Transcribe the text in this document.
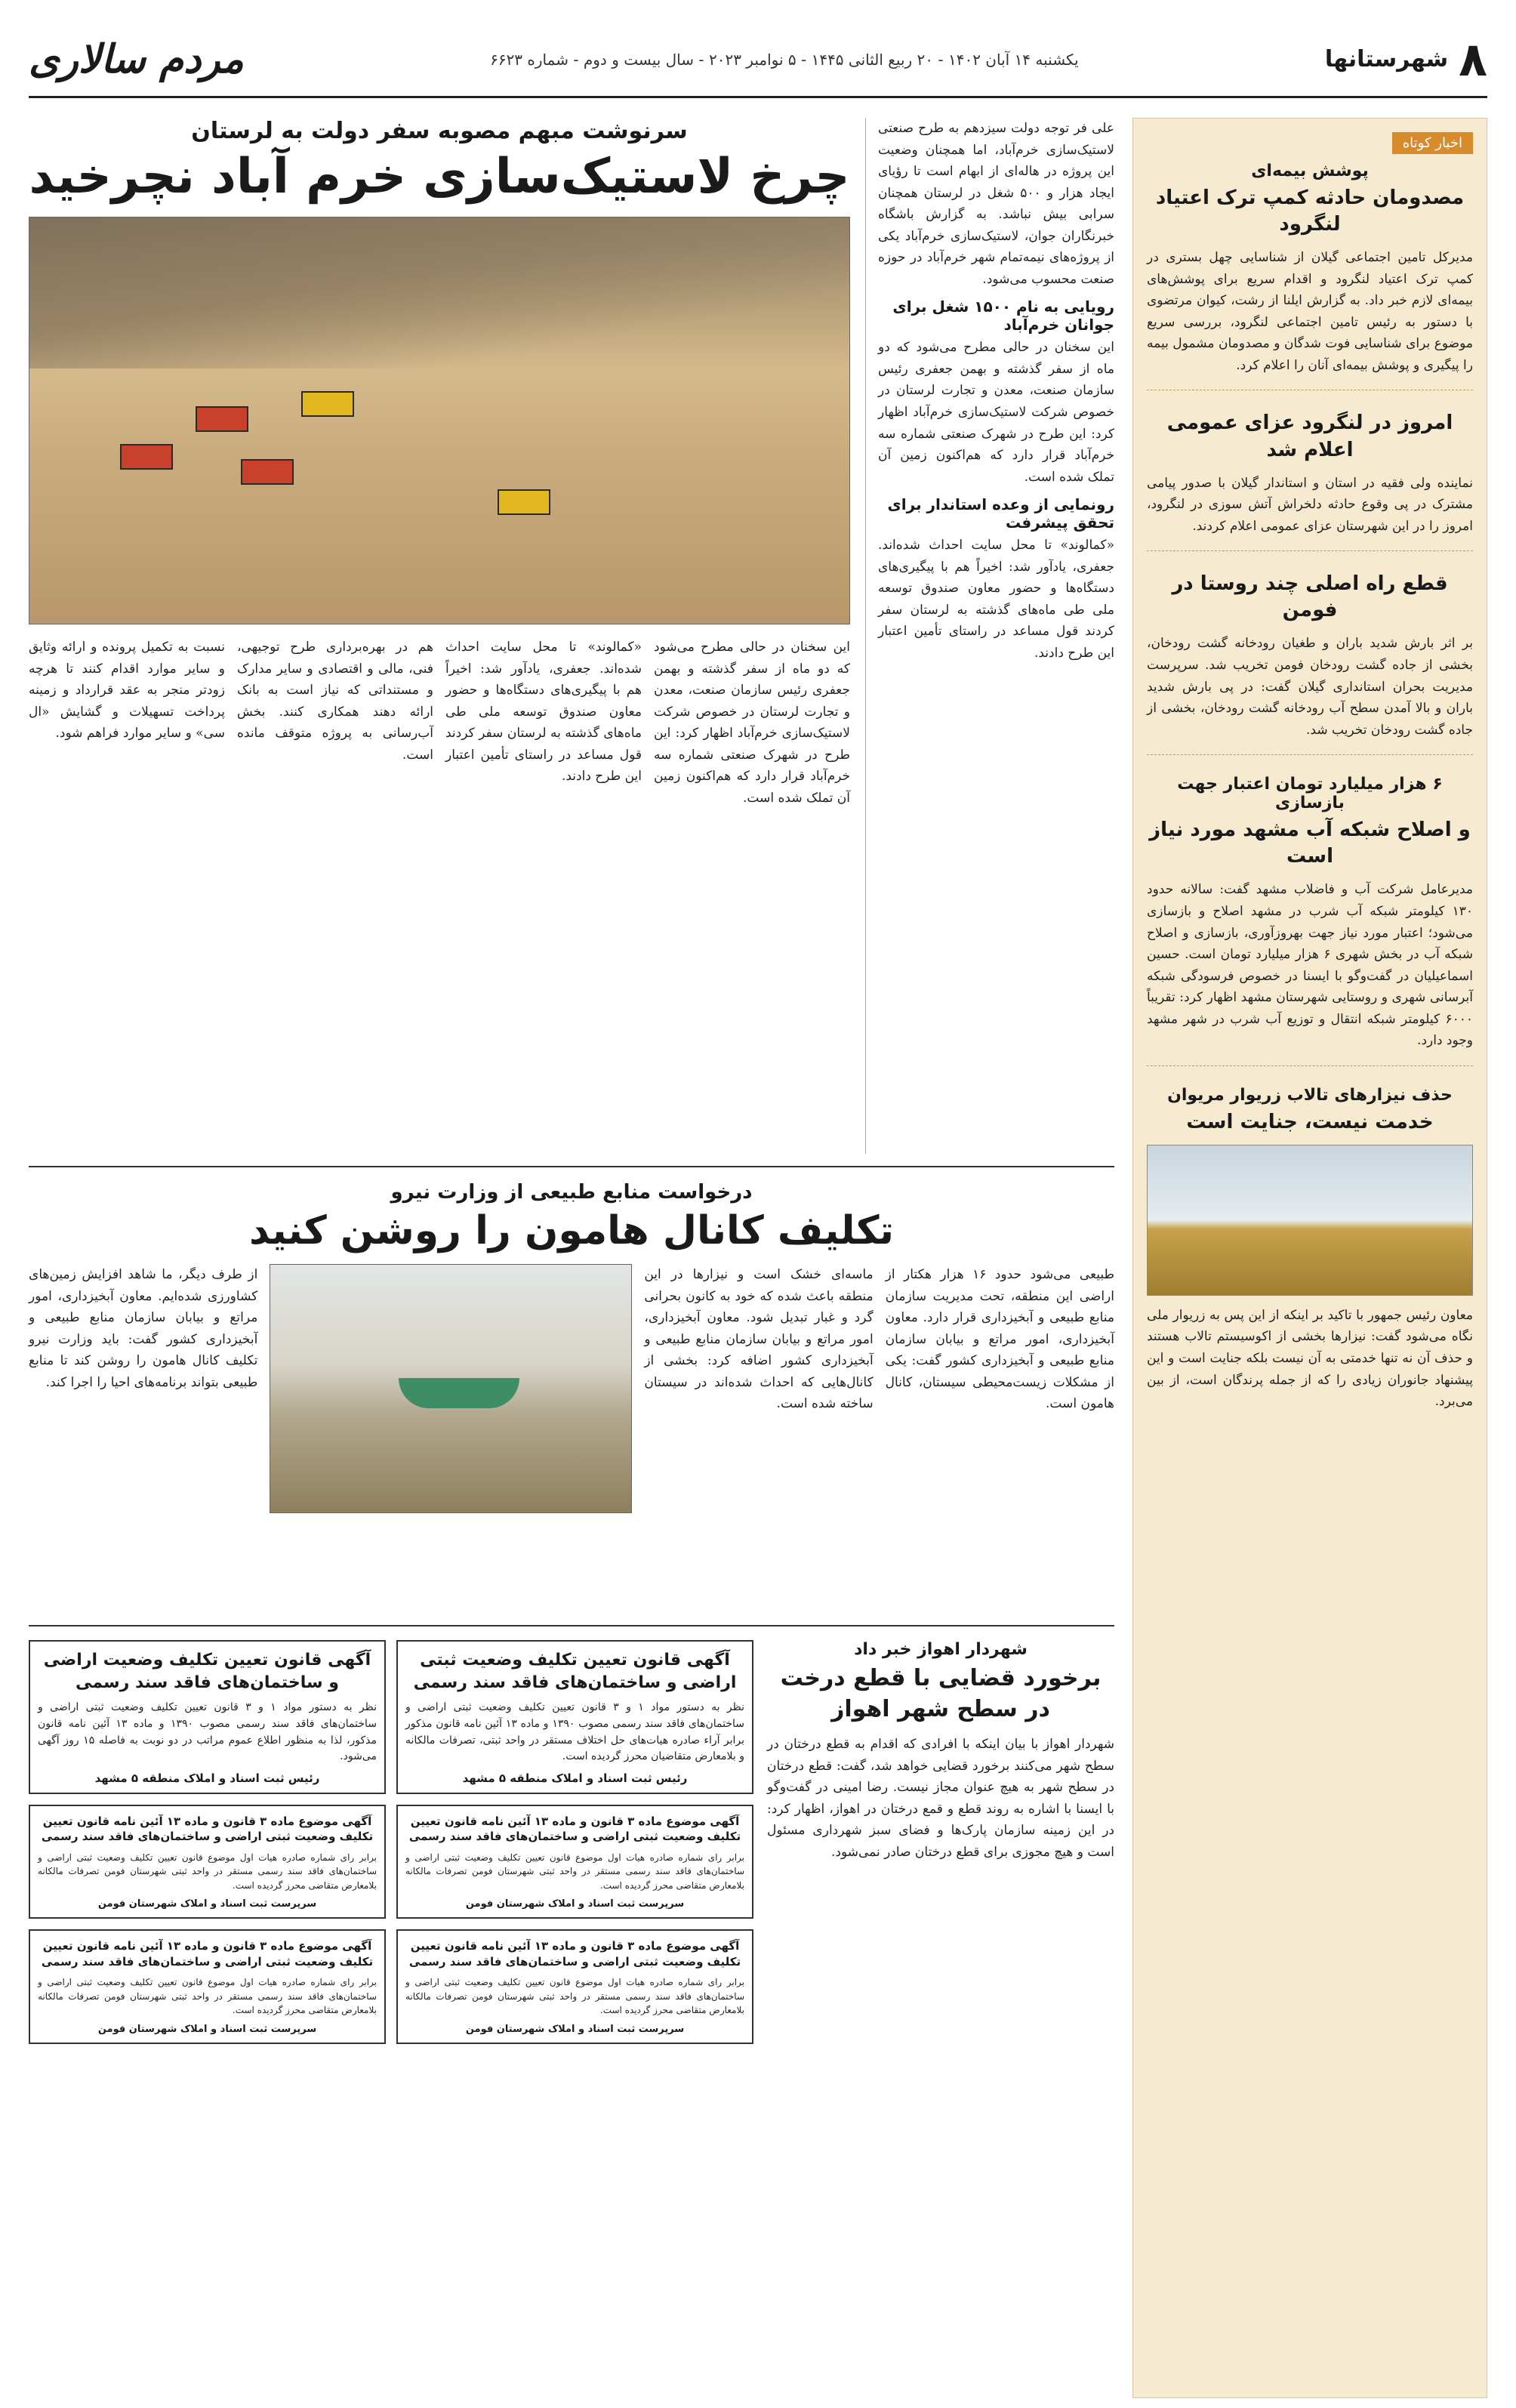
۸
شهرستانها
یکشنبه ۱۴ آبان ۱۴۰۲ - ۲۰ ربیع الثانی ۱۴۴۵ - ۵ نوامبر ۲۰۲۳ - سال بیست و دوم - شماره ۶۶۲۳
مردم سالاری
اخبار کوتاه
پوشش بیمه‌ای
مصدومان حادثه کمپ ترک اعتیاد لنگرود

مدیرکل تامین اجتماعی گیلان از شناسایی چهل بستری در کمپ ترک اعتیاد لنگرود و اقدام سریع برای پوشش‌های بیمه‌ای لازم خبر داد. به گزارش ایلنا از رشت، کیوان مرتضوی با دستور به رئیس تامین اجتماعی لنگرود، بررسی سریع موضوع برای شناسایی فوت شدگان و مصدومان مشمول بیمه را پیگیری و پوشش بیمه‌ای آنان را اعلام کرد.

امروز در لنگرود عزای عمومی اعلام شد

نماینده ولی فقیه در استان و استاندار گیلان با صدور پیامی مشترک در پی وقوع حادثه دلخراش آتش سوزی در لنگرود، امروز را در این شهرستان عزای عمومی اعلام کردند.

قطع راه اصلی چند روستا در فومن

بر اثر بارش شدید باران و طغیان رودخانه گشت رودخان، بخشی از جاده گشت رودخان فومن تخریب شد. سرپرست مدیریت بحران استانداری گیلان گفت: در پی بارش شدید باران و بالا آمدن سطح آب رودخانه گشت رودخان، بخشی از جاده گشت رودخان تخریب شد.

۶ هزار میلیارد تومان اعتبار جهت بازسازی
و اصلاح شبکه آب مشهد مورد نیاز است

مدیرعامل شرکت آب و فاضلاب مشهد گفت: سالانه حدود ۱۳۰ کیلومتر شبکه آب شرب در مشهد اصلاح و بازسازی می‌شود؛ اعتبار مورد نیاز جهت بهروزآوری، بازسازی و اصلاح شبکه آب در بخش شهری ۶ هزار میلیارد تومان است. حسین اسماعیلیان در گفت‌وگو با ایسنا در خصوص فرسودگی شبکه آبرسانی شهری و روستایی شهرستان مشهد اظهار کرد: تقریباً ۶۰۰۰ کیلومتر شبکه انتقال و توزیع آب شرب در شهر مشهد وجود دارد.

حذف نیزارهای تالاب زریوار مریوان
خدمت نیست، جنایت است

معاون رئیس جمهور با تاکید بر اینکه از این پس به زریوار ملی نگاه می‌شود گفت: نیزارها بخشی از اکوسیستم تالاب هستند و حذف آن نه تنها خدمتی به آن نیست بلکه جنایت است و این پیشنهاد جانوران زیادی را که از جمله پرندگان است، از بین می‌برد.

علی فر توجه دولت سیزدهم به طرح صنعتی لاستیک‌سازی خرم‌آباد، اما همچنان وضعیت این پروژه در هاله‌ای از ابهام است تا رؤیای ایجاد هزار و ۵۰۰ شغل در لرستان همچنان سرابی بیش نباشد. به گزارش باشگاه خبرنگاران جوان، لاستیک‌سازی خرم‌آباد یکی از پروژه‌های نیمه‌تمام شهر خرم‌آباد در حوزه صنعت محسوب می‌شود.

رویایی به نام ۱۵۰۰ شغل برای جوانان خرم‌آباد

این سخنان در حالی مطرح می‌شود که دو ماه از سفر گذشته و بهمن جعفری رئیس سازمان صنعت، معدن و تجارت لرستان در خصوص شرکت لاستیک‌سازی خرم‌آباد اظهار کرد: این طرح در شهرک صنعتی شماره سه خرم‌آباد قرار دارد که هم‌اکنون زمین آن تملک شده است.

رونمایی از وعده استاندار برای تحقق پیشرفت

«کمالوند» تا محل سایت احداث شده‌اند. جعفری، یادآور شد: اخیراً هم با پیگیری‌های دستگاه‌ها و حضور معاون صندوق توسعه ملی طی ماه‌های گذشته به لرستان سفر کردند قول مساعد در راستای تأمین اعتبار این طرح دادند.

سرنوشت مبهم مصوبه سفر دولت به لرستان
چرخ لاستیک‌سازی خرم آباد نچرخید

این سخنان در حالی مطرح می‌شود که دو ماه از سفر گذشته و بهمن جعفری رئیس سازمان صنعت، معدن و تجارت لرستان در خصوص شرکت لاستیک‌سازی خرم‌آباد اظهار کرد: این طرح در شهرک صنعتی شماره سه خرم‌آباد قرار دارد که هم‌اکنون زمین آن تملک شده است.

«کمالوند» تا محل سایت احداث شده‌اند. جعفری، یادآور شد: اخیراً هم با پیگیری‌های دستگاه‌ها و حضور معاون صندوق توسعه ملی طی ماه‌های گذشته به لرستان سفر کردند قول مساعد در راستای تأمین اعتبار این طرح دادند.

هم در بهره‌برداری طرح توجیهی، فنی، مالی و اقتصادی و سایر مدارک و مستنداتی که نیاز است به بانک ارائه دهند همکاری کنند. بخش آب‌رسانی به پروژه متوقف مانده است.

نسبت به تکمیل پرونده و ارائه وثایق و سایر موارد اقدام کنند تا هرچه زودتر منجر به عقد قرارداد و زمینه پرداخت تسهیلات و گشایش «ال سی» و سایر موارد فراهم شود.

درخواست منابع طبیعی از وزارت نیرو
تکلیف کانال هامون را روشن کنید

طبیعی می‌شود حدود ۱۶ هزار هکتار از اراضی این منطقه، تحت مدیریت سازمان منابع طبیعی و آبخیزداری قرار دارد. معاون آبخیزداری، امور مراتع و بیابان سازمان منابع طبیعی و آبخیزداری کشور گفت: یکی از مشکلات زیست‌محیطی سیستان، کانال هامون است.

ماسه‌ای خشک است و نیزارها در این منطقه باعث شده که خود به کانون بحرانی گرد و غبار تبدیل شود. معاون آبخیزداری، امور مراتع و بیابان سازمان منابع طبیعی و آبخیزداری کشور اضافه کرد: بخشی از کانال‌هایی که احداث شده‌اند در سیستان ساخته شده است.

از طرف دیگر، ما شاهد افزایش زمین‌های کشاورزی شده‌ایم. معاون آبخیزداری، امور مراتع و بیابان سازمان منابع طبیعی و آبخیزداری کشور گفت: باید وزارت نیرو تکلیف کانال هامون را روشن کند تا منابع طبیعی بتواند برنامه‌های احیا را اجرا کند.

شهردار اهواز خبر داد
برخورد قضایی با قطع درخت در سطح شهر اهواز

شهردار اهواز با بیان اینکه با افرادی که اقدام به قطع درختان در سطح شهر می‌کنند برخورد قضایی خواهد شد، گفت: قطع درختان در سطح شهر به هیچ عنوان مجاز نیست. رضا امینی در گفت‌وگو با ایسنا با اشاره به روند قطع و قمع درختان در اهواز، اظهار کرد: در این زمینه سازمان پارک‌ها و فضای سبز شهرداری مسئول است و هیچ مجوزی برای قطع درختان صادر نمی‌شود.

آگهی قانون تعیین تکلیف وضعیت ثبتی اراضی و ساختمان‌های فاقد سند رسمی

نظر به دستور مواد ۱ و ۳ قانون تعیین تکلیف وضعیت ثبتی اراضی و ساختمان‌های فاقد سند رسمی مصوب ۱۳۹۰ و ماده ۱۳ آئین نامه قانون مذکور برابر آراء صادره هیات‌های حل اختلاف مستقر در واحد ثبتی، تصرفات مالکانه و بلامعارض متقاضیان محرز گردیده است.

رئیس ثبت اسناد و املاک منطقه ۵ مشهد
آگهی قانون تعیین تکلیف وضعیت اراضی و ساختمان‌های فاقد سند رسمی

نظر به دستور مواد ۱ و ۳ قانون تعیین تکلیف وضعیت ثبتی اراضی و ساختمان‌های فاقد سند رسمی مصوب ۱۳۹۰ و ماده ۱۳ آئین نامه قانون مذکور، لذا به منظور اطلاع عموم مراتب در دو نوبت به فاصله ۱۵ روز آگهی می‌شود.

رئیس ثبت اسناد و املاک منطقه ۵ مشهد
آگهی موضوع ماده ۳ قانون و ماده ۱۳ آئین نامه قانون تعیین تکلیف وضعیت ثبتی اراضی و ساختمان‌های فاقد سند رسمی

برابر رای شماره صادره هیات اول موضوع قانون تعیین تکلیف وضعیت ثبتی اراضی و ساختمان‌های فاقد سند رسمی مستقر در واحد ثبتی شهرستان فومن تصرفات مالکانه بلامعارض متقاضی محرز گردیده است.

سرپرست ثبت اسناد و املاک شهرستان فومن
آگهی موضوع ماده ۳ قانون و ماده ۱۳ آئین نامه قانون تعیین تکلیف وضعیت ثبتی اراضی و ساختمان‌های فاقد سند رسمی

برابر رای شماره صادره هیات اول موضوع قانون تعیین تکلیف وضعیت ثبتی اراضی و ساختمان‌های فاقد سند رسمی مستقر در واحد ثبتی شهرستان فومن تصرفات مالکانه بلامعارض متقاضی محرز گردیده است.

سرپرست ثبت اسناد و املاک شهرستان فومن
آگهی موضوع ماده ۳ قانون و ماده ۱۳ آئین نامه قانون تعیین تکلیف وضعیت ثبتی اراضی و ساختمان‌های فاقد سند رسمی

برابر رای شماره صادره هیات اول موضوع قانون تعیین تکلیف وضعیت ثبتی اراضی و ساختمان‌های فاقد سند رسمی مستقر در واحد ثبتی شهرستان فومن تصرفات مالکانه بلامعارض متقاضی محرز گردیده است.

سرپرست ثبت اسناد و املاک شهرستان فومن
آگهی موضوع ماده ۳ قانون و ماده ۱۳ آئین نامه قانون تعیین تکلیف وضعیت ثبتی اراضی و ساختمان‌های فاقد سند رسمی

برابر رای شماره صادره هیات اول موضوع قانون تعیین تکلیف وضعیت ثبتی اراضی و ساختمان‌های فاقد سند رسمی مستقر در واحد ثبتی شهرستان فومن تصرفات مالکانه بلامعارض متقاضی محرز گردیده است.

سرپرست ثبت اسناد و املاک شهرستان فومن
